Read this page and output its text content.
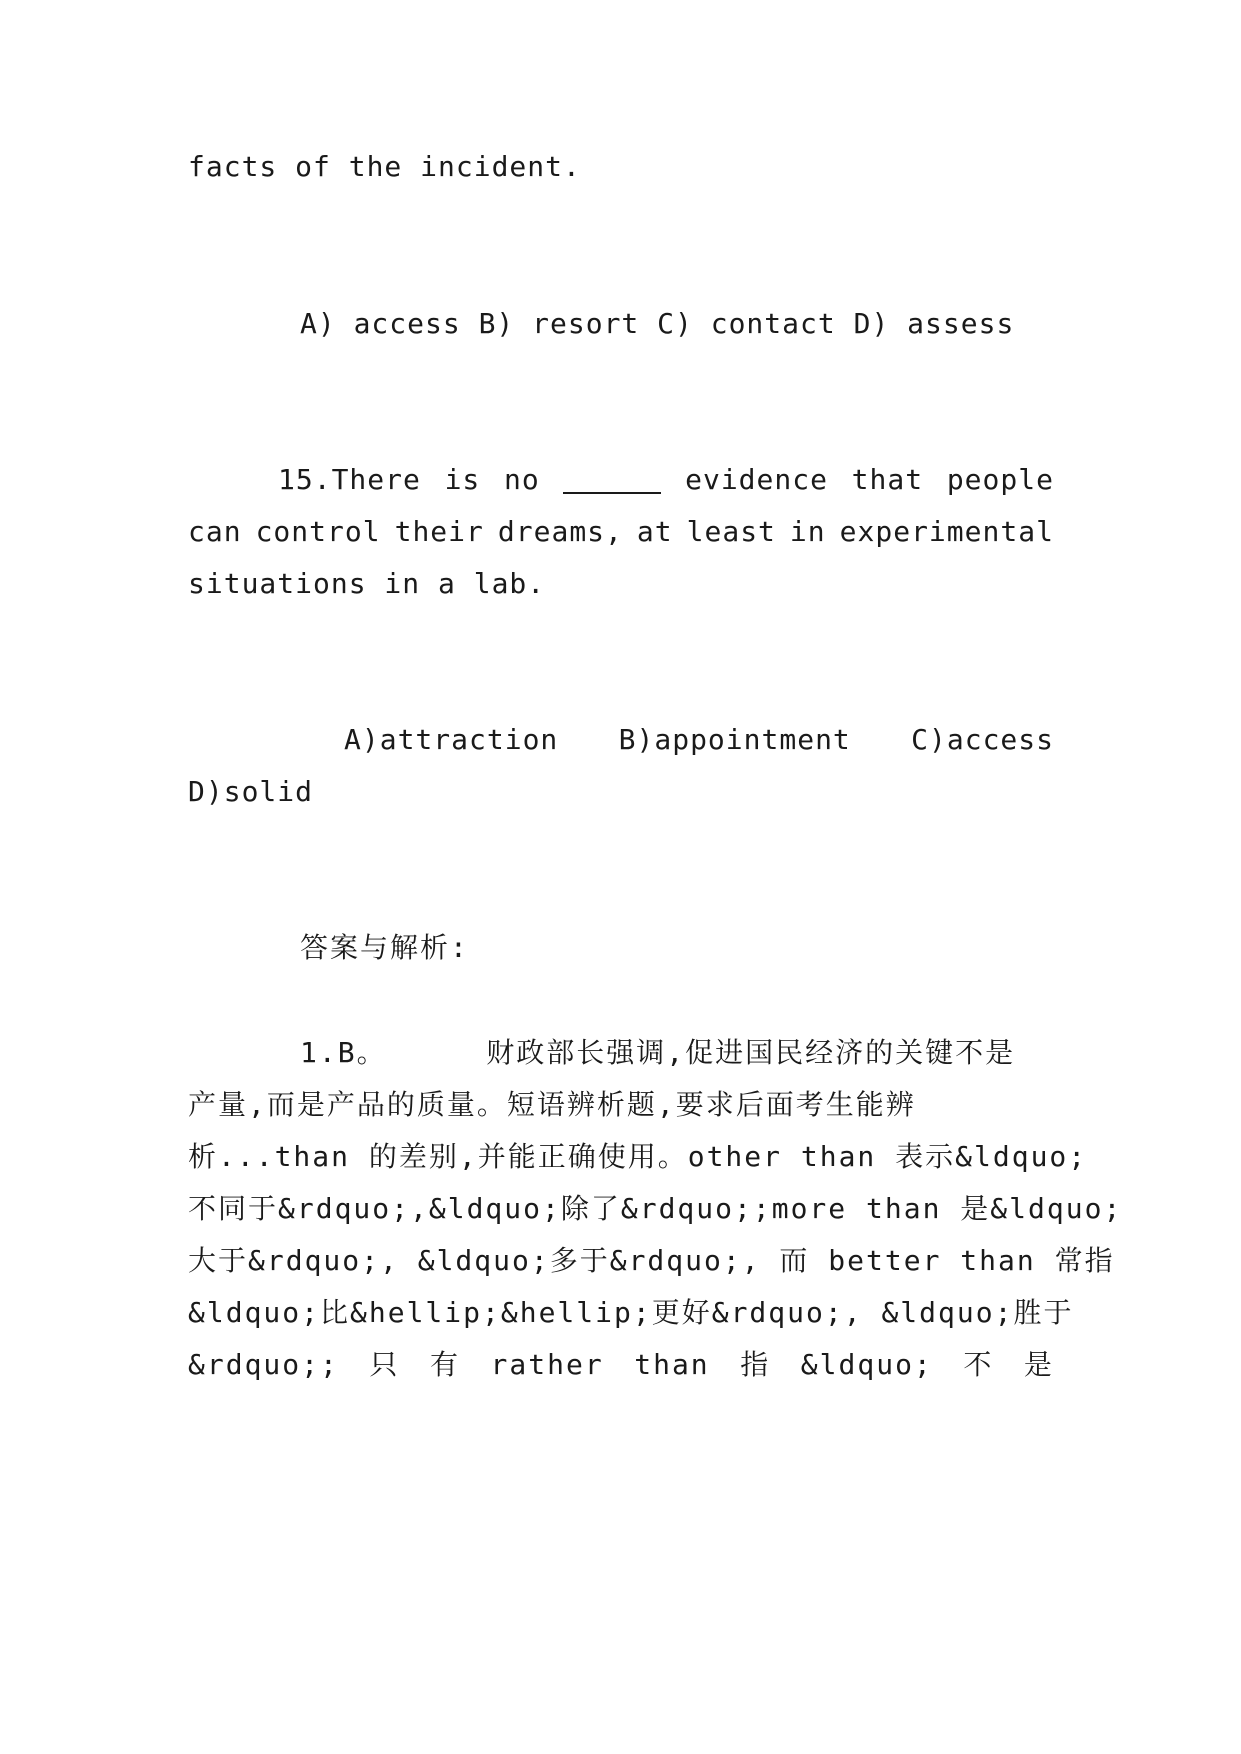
facts of the incident.
A) access B) resort C) contact D) assess
15.There is no	evidence that people
can control their dreams, at least in experimental
situations in a lab.
A)attraction B)appointment C)access
D)solid
答案与解析:
1.B。	财政部长强调,促进国民经济的关键不是
产量,而是产品的质量。短语辨析题,要求后面考生能辨
析...than 的差别,并能正确使用。other than 表示&ldquo;
不同于&rdquo;,&ldquo;除了&rdquo;;more than 是&ldquo;
大于&rdquo;, &ldquo;多于&rdquo;, 而 better than 常指
&ldquo;比&hellip;&hellip;更好&rdquo;, &ldquo;胜于
&rdquo;; 只 有 rather than 指 &ldquo; 不 是
